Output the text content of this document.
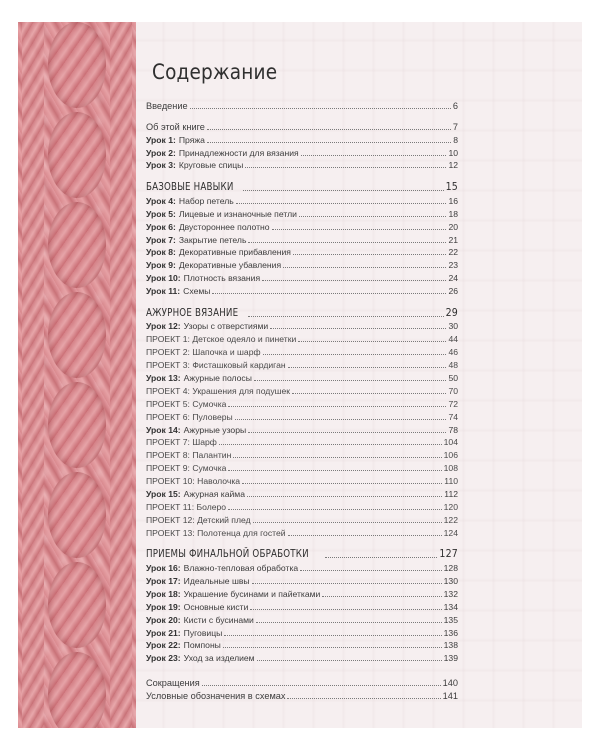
Содержание
Введение	6
Об этой книге	7
Урок 1: Пряжа	8
Урок 2: Принадлежности для вязания	10
Урок 3: Круговые спицы	12
БАЗОВЫЕ НАВЫКИ	15
Урок 4: Набор петель	16
Урок 5: Лицевые и изнаночные петли	18
Урок 6: Двустороннее полотно	20
Урок 7: Закрытие петель	21
Урок 8: Декоративные прибавления	22
Урок 9: Декоративные убавления	23
Урок 10: Плотность вязания	24
Урок 11: Схемы	26
АЖУРНОЕ ВЯЗАНИЕ	29
Урок 12: Узоры с отверстиями	30
ПРОЕКТ 1: Детское одеяло и пинетки	44
ПРОЕКТ 2: Шапочка и шарф	46
ПРОЕКТ 3: Фисташковый кардиган	48
Урок 13: Ажурные полосы	50
ПРОЕКТ 4: Украшения для подушек	70
ПРОЕКТ 5: Сумочка	72
ПРОЕКТ 6: Пуловеры	74
Урок 14: Ажурные узоры	78
ПРОЕКТ 7: Шарф	104
ПРОЕКТ 8: Палантин	106
ПРОЕКТ 9: Сумочка	108
ПРОЕКТ 10: Наволочка	110
Урок 15: Ажурная кайма	112
ПРОЕКТ 11: Болеро	120
ПРОЕКТ 12: Детский плед	122
ПРОЕКТ 13: Полотенца для гостей	124
ПРИЕМЫ ФИНАЛЬНОЙ ОБРАБОТКИ	127
Урок 16: Влажно-тепловая обработка	128
Урок 17: Идеальные швы	130
Урок 18: Украшение бусинами и пайетками	132
Урок 19: Основные кисти	134
Урок 20: Кисти с бусинами	135
Урок 21: Пуговицы	136
Урок 22: Помпоны	138
Урок 23: Уход за изделием	139
Сокращения	140
Условные обозначения в схемах	141
